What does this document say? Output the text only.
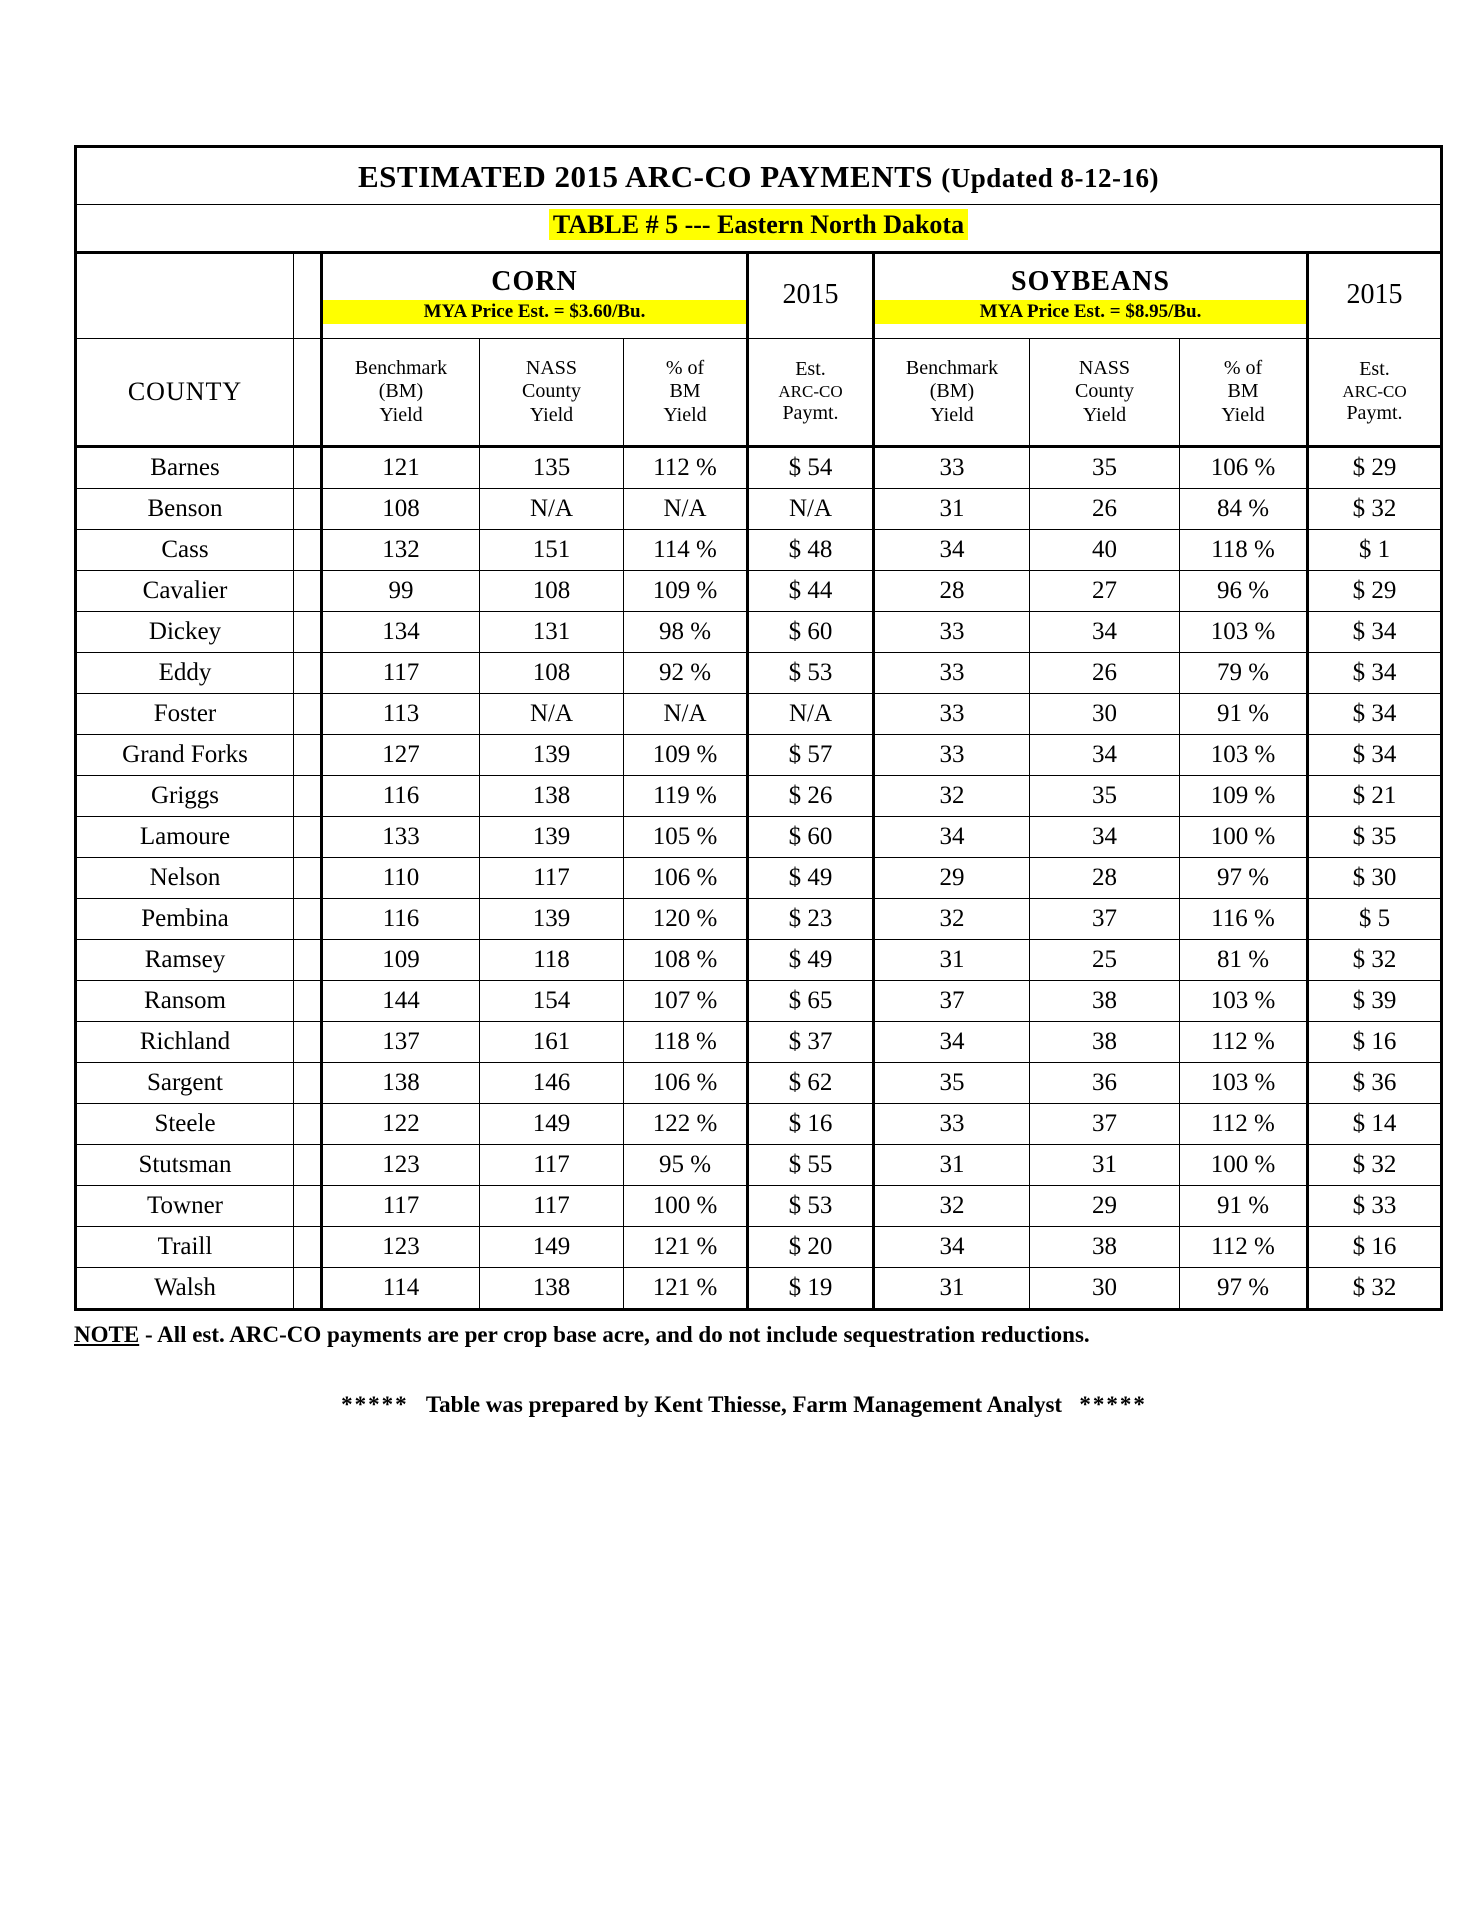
ESTIMATED 2015 ARC-CO PAYMENTS (Updated 8-12-16)									
TABLE # 5 --- Eastern North Dakota									

		CORN
MYA Price Est. = $3.60/Bu.			2015	SOYBEANS
MYA Price Est. = $8.95/Bu.			2015
COUNTY		Benchmark
(BM)
Yield	NASS
County
Yield	% of
BM
Yield	Est.
ARC-CO
Paymt.	Benchmark
(BM)
Yield	NASS
County
Yield	% of
BM
Yield	Est.
ARC-CO
Paymt.

Barnes		121	135	112 %	$ 54	33	35	106 %	$ 29
Benson		108	N/A	N/A	N/A	31	26	84 %	$ 32
Cass		132	151	114 %	$ 48	34	40	118 %	$ 1
Cavalier		99	108	109 %	$ 44	28	27	96 %	$ 29
Dickey		134	131	98 %	$ 60	33	34	103 %	$ 34
Eddy		117	108	92 %	$ 53	33	26	79 %	$ 34
Foster		113	N/A	N/A	N/A	33	30	91 %	$ 34
Grand Forks		127	139	109 %	$ 57	33	34	103 %	$ 34
Griggs		116	138	119 %	$ 26	32	35	109 %	$ 21
Lamoure		133	139	105 %	$ 60	34	34	100 %	$ 35
Nelson		110	117	106 %	$ 49	29	28	97 %	$ 30
Pembina		116	139	120 %	$ 23	32	37	116 %	$ 5
Ramsey		109	118	108 %	$ 49	31	25	81 %	$ 32
Ransom		144	154	107 %	$ 65	37	38	103 %	$ 39
Richland		137	161	118 %	$ 37	34	38	112 %	$ 16
Sargent		138	146	106 %	$ 62	35	36	103 %	$ 36
Steele		122	149	122 %	$ 16	33	37	112 %	$ 14
Stutsman		123	117	95 %	$ 55	31	31	100 %	$ 32
Towner		117	117	100 %	$ 53	32	29	91 %	$ 33
Traill		123	149	121 %	$ 20	34	38	112 %	$ 16
Walsh		114	138	121 %	$ 19	31	30	97 %	$ 32
NOTE - All est. ARC-CO payments are per crop base acre, and do not include sequestration reductions.
***** Table was prepared by Kent Thiesse, Farm Management Analyst *****
